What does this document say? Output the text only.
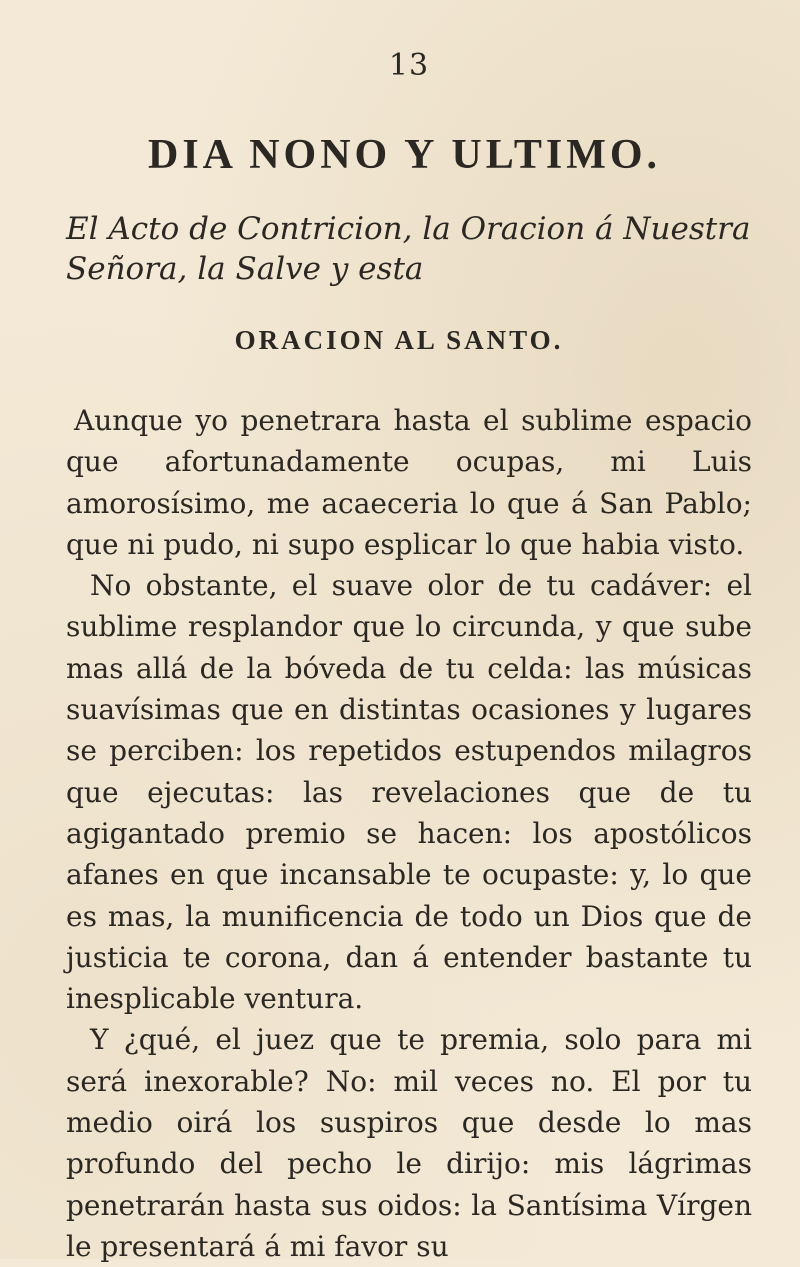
13
DIA NONO Y ULTIMO.
El Acto de Contricion, la Oracion á Nuestra Señora, la Salve y esta
ORACION AL SANTO.

Aunque yo penetrara hasta el sublime espacio que afortunadamente ocupas, mi Luis amorosísimo, me acaeceria lo que á San Pablo; que ni pudo, ni supo esplicar lo que habia visto.

No obstante, el suave olor de tu cadáver: el sublime resplandor que lo circunda, y que sube mas allá de la bóveda de tu celda: las músicas suavísimas que en distintas ocasiones y lugares se perciben: los repetidos estupendos milagros que ejecutas: las revelaciones que de tu agigantado premio se hacen: los apostólicos afanes en que incansable te ocupaste: y, lo que es mas, la munificencia de todo un Dios que de justicia te corona, dan á entender bastante tu inesplicable ventura.

Y ¿qué, el juez que te premia, solo para mi será inexorable? No: mil veces no. El por tu medio oirá los suspiros que desde lo mas profundo del pecho le dirijo: mis lágrimas penetrarán hasta sus oidos: la Santísima Vírgen le presentará á mi favor su
